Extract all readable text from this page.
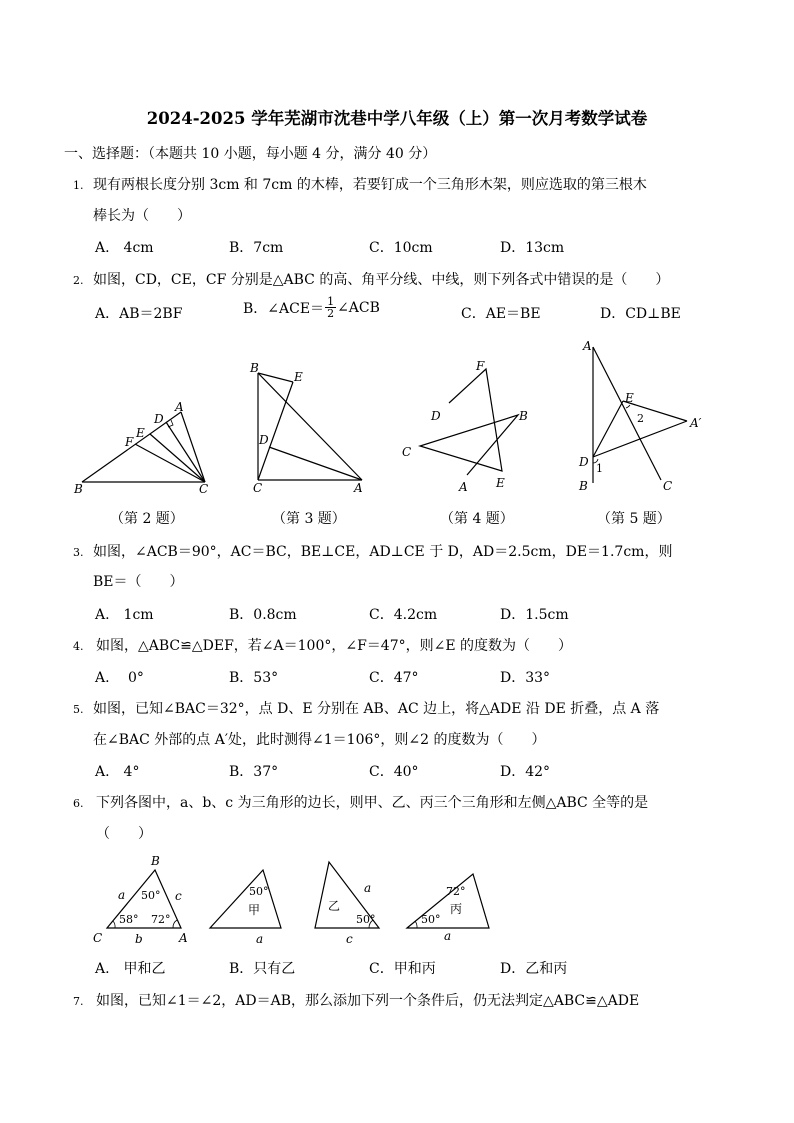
2024-2025 学年芜湖市沈巷中学八年级（上）第一次月考数学试卷
一、选择题：（本题共 10 小题，每小题 4 分，满分 40 分）
1. 现有两根长度分别 3cm 和 7cm 的木棒，若要钉成一个三角形木架，则应选取的第三根木
棒长为（　　）
A.　4cm	B．7cm	C．10cm	D．13cm
2. 如图，CD，CE，CF 分别是△ABC 的高、角平分线、中线，则下列各式中错误的是（　　）
A．AB＝2BF	B．∠ACE＝ $\frac{1}{2}$ ∠ACB	C．AE＝BE	D．CD⊥BE
B	C
A
D
E
F
B
E
D
C	A
F
D	B
C
A E
A
E
2	A′
D 1
B	C
（第 2 题）	（第 3 题）	（第 4 题）	（第 5 题）
3. 如图，∠ACB＝90°，AC＝BC，BE⊥CE，AD⊥CE 于 D，AD＝2.5cm，DE＝1.7cm，则
BE＝（　　）
A.　1cm	B．0.8cm	C．4.2cm	D．1.5cm
4. 如图，△ABC≌△DEF，若∠A＝100°，∠F＝47°，则∠E 的度数为（　　）
A.　 0°	B．53°	C．47°	D．33°
5. 如图，已知∠BAC＝32°，点 D、E 分别在 AB、AC 边上，将△ADE 沿 DE 折叠，点 A 落
在∠BAC 外部的点 A′处，此时测得∠1＝106°，则∠2 的度数为（　　）
A.　4°	B．37°	C．40°	D．42°
6. 下列各图中，a、b、c 为三角形的边长，则甲、乙、丙三个三角形和左侧△ABC 全等的是
（　　）
B
a	c
50°
58° 72°
C	b	A
50°
甲
a
乙
a
50°
c
72°
丙
50°
a
A.　甲和乙	B．只有乙	C．甲和丙	D．乙和丙
7. 如图，已知∠1＝∠2，AD＝AB，那么添加下列一个条件后，仍无法判定△ABC≌△ADE
